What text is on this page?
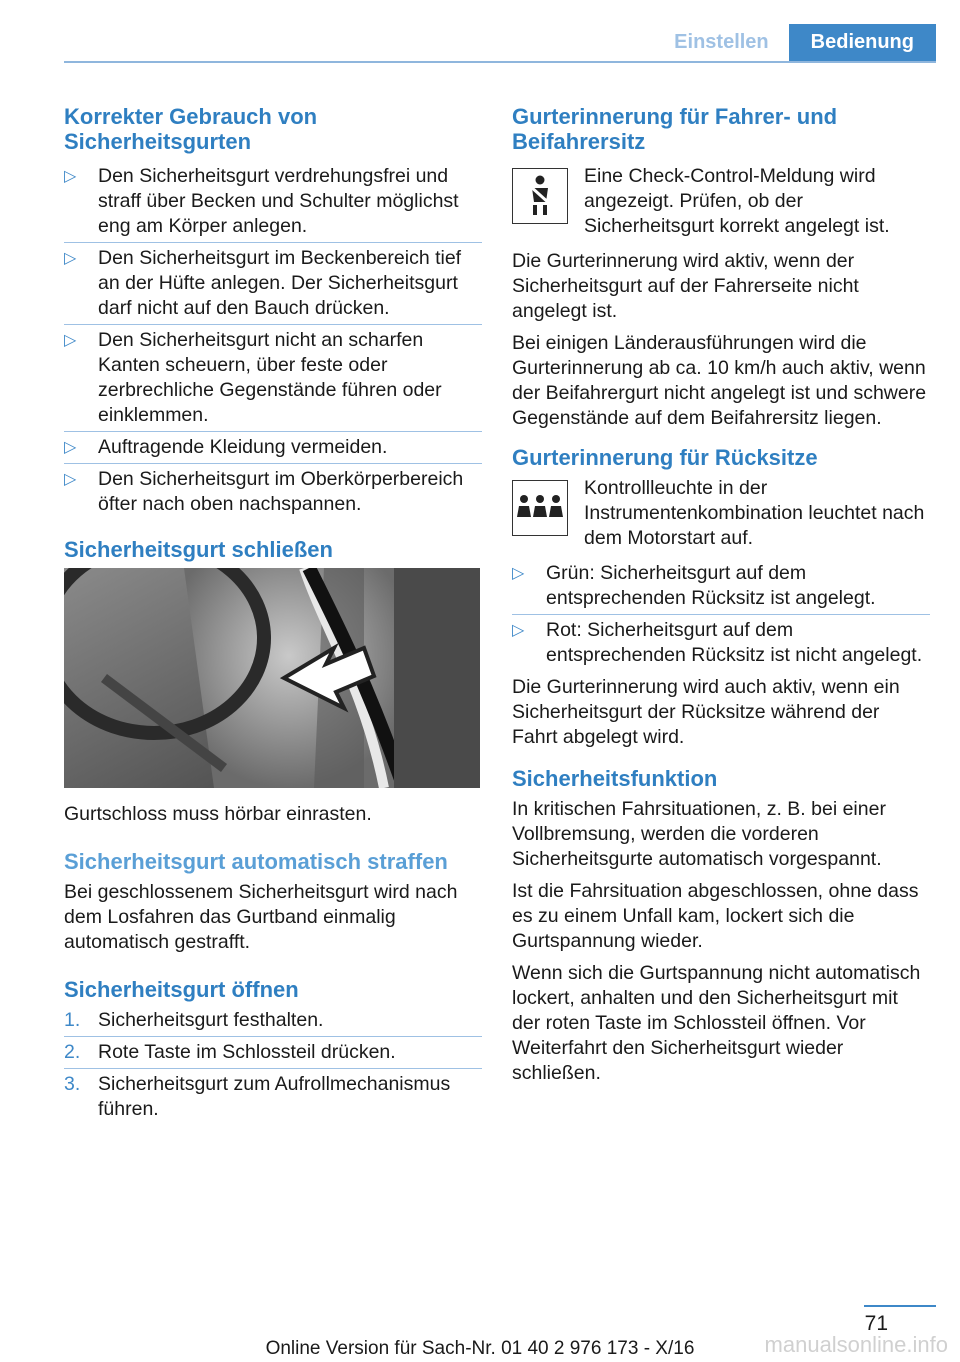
Einstellen	Bedienung
Korrekter Gebrauch von Sicherheitsgurten
▷ Den Sicherheitsgurt verdrehungsfrei und straff über Becken und Schulter möglichst eng am Körper anlegen.
▷ Den Sicherheitsgurt im Beckenbereich tief an der Hüfte anlegen. Der Sicherheitsgurt darf nicht auf den Bauch drücken.
▷ Den Sicherheitsgurt nicht an scharfen Kanten scheuern, über feste oder zerbrechliche Gegenstände führen oder einklemmen.
▷ Auftragende Kleidung vermeiden.
▷ Den Sicherheitsgurt im Oberkörperbereich öfter nach oben nachspannen.
Sicherheitsgurt schließen

Gurtschloss muss hörbar einrasten.

Sicherheitsgurt automatisch straffen

Bei geschlossenem Sicherheitsgurt wird nach dem Losfahren das Gurtband einmalig automatisch gestrafft.

Sicherheitsgurt öffnen
1. Sicherheitsgurt festhalten.
2. Rote Taste im Schlossteil drücken.
3. Sicherheitsgurt zum Aufrollmechanismus führen.
Gurterinnerung für Fahrer- und Beifahrersitz
Eine Check-Control-Meldung wird angezeigt. Prüfen, ob der Sicherheitsgurt korrekt angelegt ist.

Die Gurterinnerung wird aktiv, wenn der Sicherheitsgurt auf der Fahrerseite nicht angelegt ist.

Bei einigen Länderausführungen wird die Gurterinnerung ab ca. 10 km/h auch aktiv, wenn der Beifahrergurt nicht angelegt ist und schwere Gegenstände auf dem Beifahrersitz liegen.

Gurterinnerung für Rücksitze
Kontrollleuchte in der Instrumentenkombination leuchtet nach dem Motorstart auf.
▷ Grün: Sicherheitsgurt auf dem entsprechenden Rücksitz ist angelegt.
▷ Rot: Sicherheitsgurt auf dem entsprechenden Rücksitz ist nicht angelegt.

Die Gurterinnerung wird auch aktiv, wenn ein Sicherheitsgurt der Rücksitze während der Fahrt abgelegt wird.

Sicherheitsfunktion

In kritischen Fahrsituationen, z. B. bei einer Vollbremsung, werden die vorderen Sicherheitsgurte automatisch vorgespannt.

Ist die Fahrsituation abgeschlossen, ohne dass es zu einem Unfall kam, lockert sich die Gurtspannung wieder.

Wenn sich die Gurtspannung nicht automatisch lockert, anhalten und den Sicherheitsgurt mit der roten Taste im Schlossteil öffnen. Vor Weiterfahrt den Sicherheitsgurt wieder schließen.

71
Online Version für Sach-Nr. 01 40 2 976 173 - X/16	manualsonline.info
